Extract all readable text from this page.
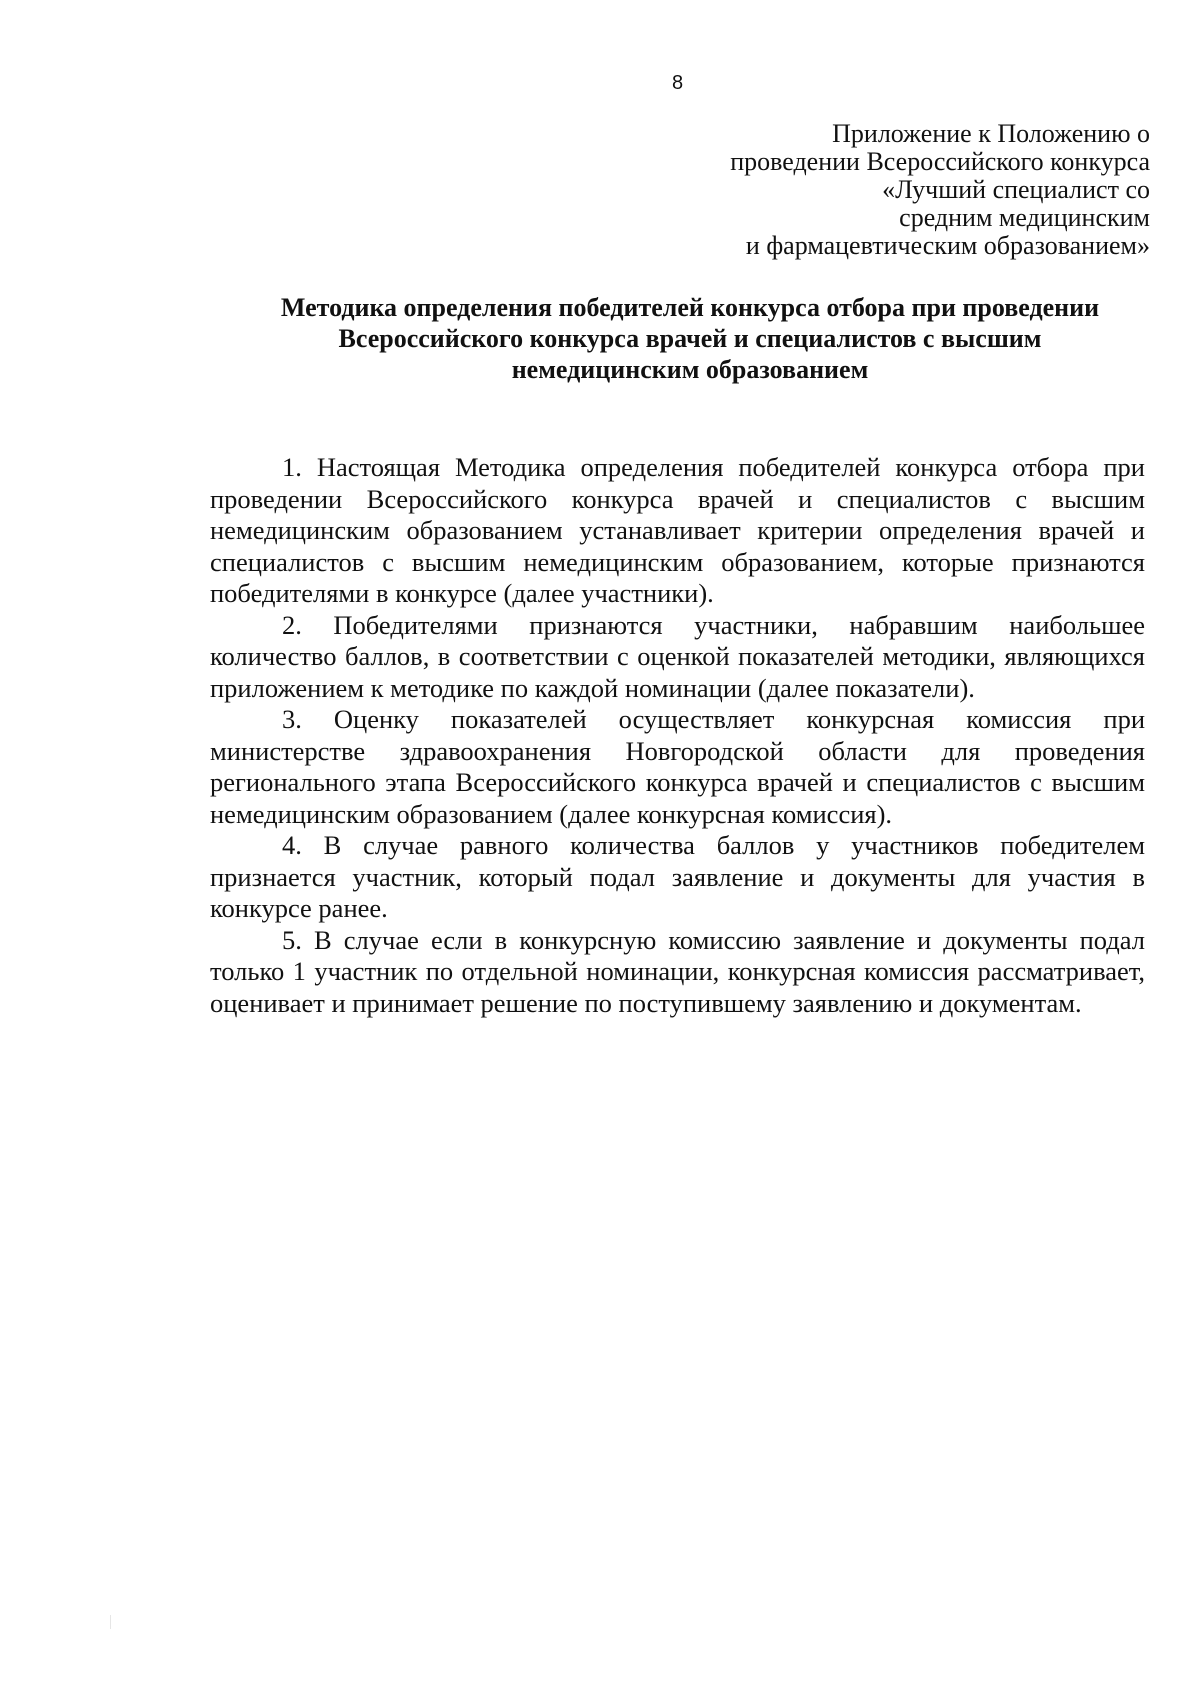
8
Приложение к Положению о
проведении Всероссийского конкурса
«Лучший специалист со
средним медицинским
и фармацевтическим образованием»
Методика определения победителей конкурса отбора при проведении
Всероссийского конкурса врачей и специалистов с высшим
немедицинским образованием

1. Настоящая Методика определения победителей конкурса отбора при проведении Всероссийского конкурса врачей и специалистов с высшим немедицинским образованием устанавливает критерии определения врачей и специалистов с высшим немедицинским образованием, которые признаются победителями в конкурсе (далее участники).

2. Победителями признаются участники, набравшим наибольшее количество баллов, в соответствии с оценкой показателей методики, являющихся приложением к методике по каждой номинации (далее показатели).

3. Оценку показателей осуществляет конкурсная комиссия при министерстве здравоохранения Новгородской области для проведения регионального этапа Всероссийского конкурса врачей и специалистов с высшим немедицинским образованием (далее конкурсная комиссия).

4. В случае равного количества баллов у участников победителем признается участник, который подал заявление и документы для участия в конкурсе ранее.

5. В случае если в конкурсную комиссию заявление и документы подал только 1 участник по отдельной номинации, конкурсная комиссия рассматривает, оценивает и принимает решение по поступившему заявлению и документам.
